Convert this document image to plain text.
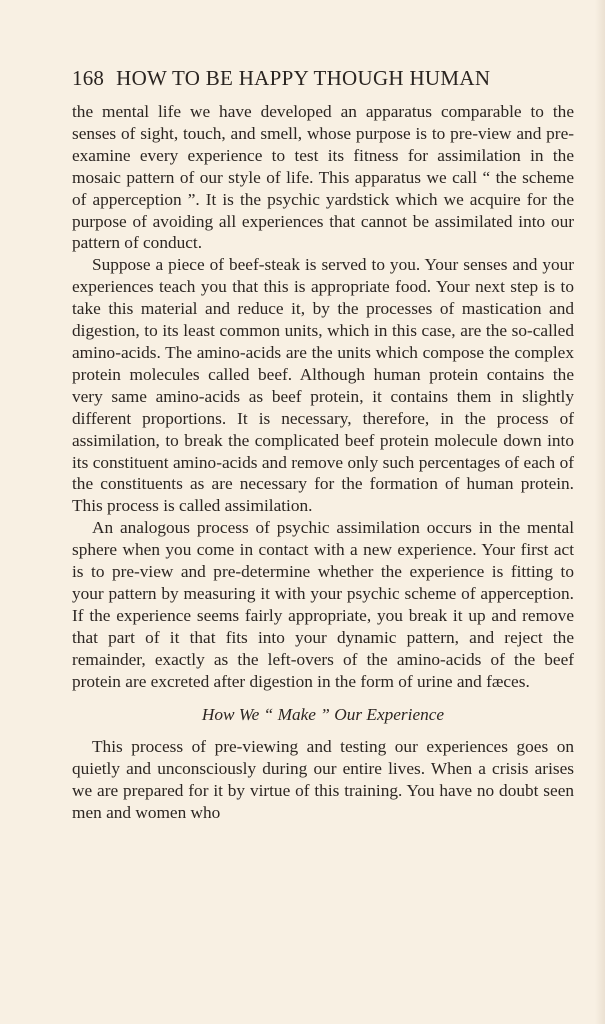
168 HOW TO BE HAPPY THOUGH HUMAN

the mental life we have developed an apparatus comparable to the senses of sight, touch, and smell, whose purpose is to pre-view and pre-examine every experience to test its fitness for assimilation in the mosaic pattern of our style of life. This apparatus we call “ the scheme of apperception ”. It is the psychic yardstick which we acquire for the purpose of avoiding all experiences that cannot be assimilated into our pattern of conduct.

Suppose a piece of beef-steak is served to you. Your senses and your experiences teach you that this is appropriate food. Your next step is to take this material and reduce it, by the processes of mastication and digestion, to its least common units, which in this case, are the so-called amino-acids. The amino-acids are the units which compose the complex protein molecules called beef. Although human protein contains the very same amino-acids as beef protein, it contains them in slightly different proportions. It is necessary, therefore, in the process of assimilation, to break the complicated beef protein molecule down into its constituent amino-acids and remove only such percentages of each of the constituents as are necessary for the formation of human protein. This process is called assimilation.

An analogous process of psychic assimilation occurs in the mental sphere when you come in contact with a new experience. Your first act is to pre-view and pre-determine whether the experience is fitting to your pattern by measuring it with your psychic scheme of apperception. If the experience seems fairly appropriate, you break it up and remove that part of it that fits into your dynamic pattern, and reject the remainder, exactly as the left-overs of the amino-acids of the beef protein are excreted after digestion in the form of urine and fæces.

How We “ Make ” Our Experience

This process of pre-viewing and testing our experiences goes on quietly and unconsciously during our entire lives. When a crisis arises we are prepared for it by virtue of this training. You have no doubt seen men and women who
